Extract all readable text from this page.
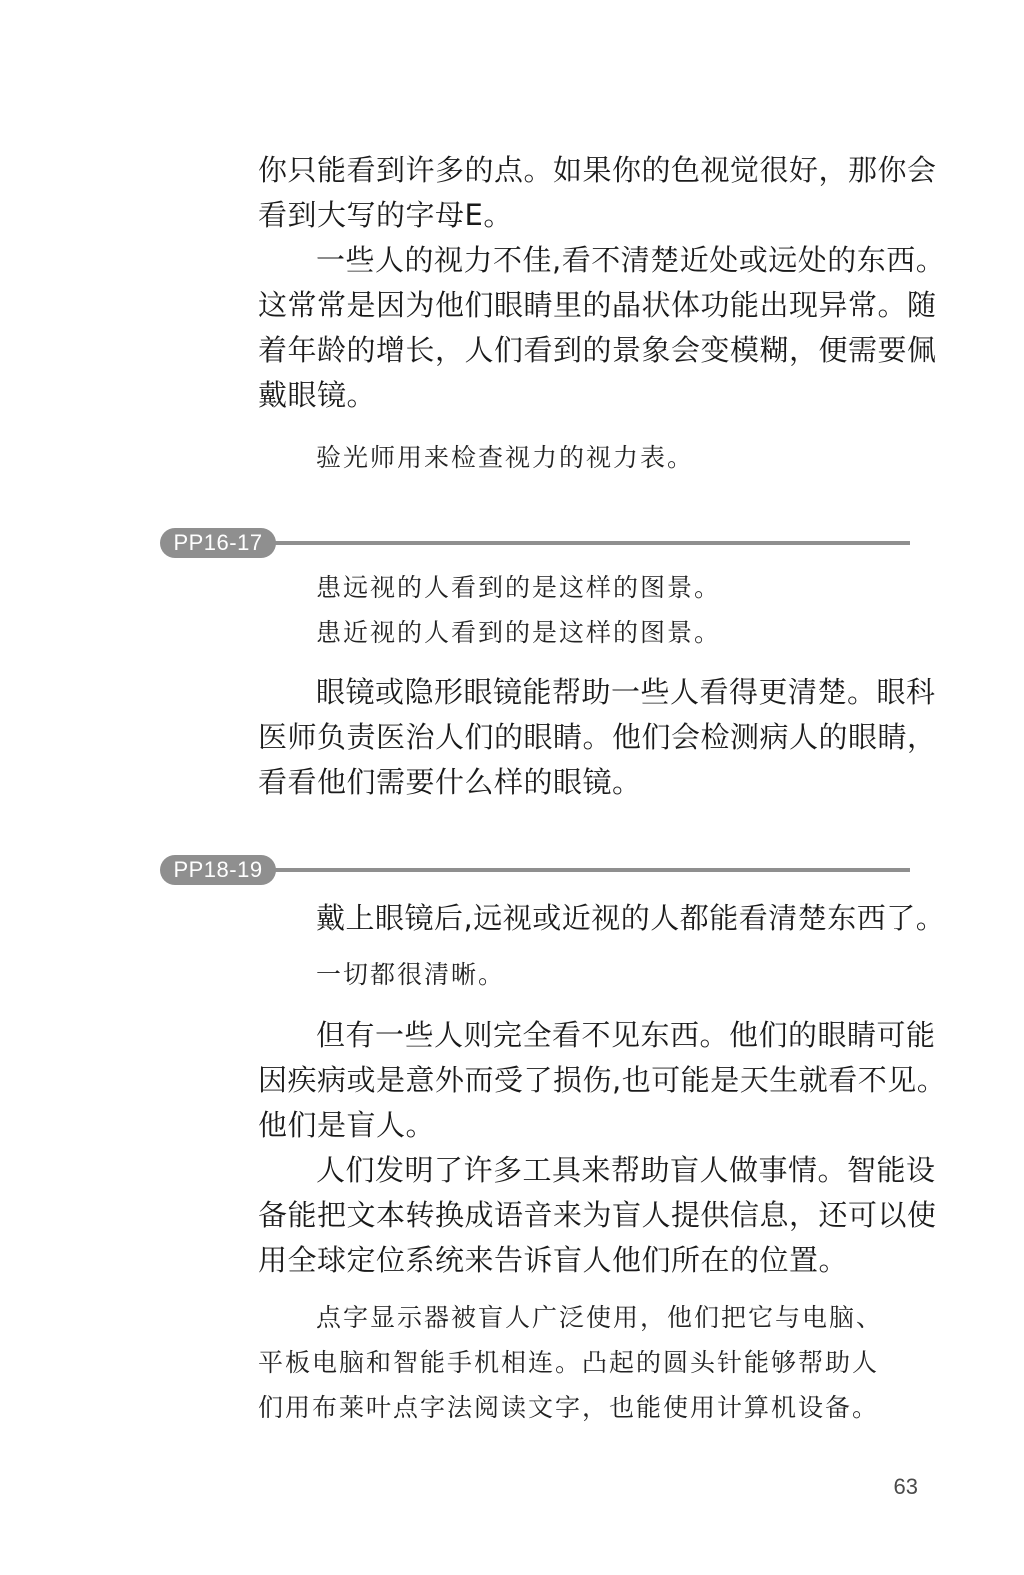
你只能看到许多的点。如果你的色视觉很好，那你会
看到大写的字母E。
一些人的视力不佳,看不清楚近处或远处的东西。
这常常是因为他们眼睛里的晶状体功能出现异常。随
着年龄的增长，人们看到的景象会变模糊，便需要佩
戴眼镜。
验光师用来检查视力的视力表。
PP16-17
患远视的人看到的是这样的图景。
患近视的人看到的是这样的图景。
眼镜或隐形眼镜能帮助一些人看得更清楚。眼科
医师负责医治人们的眼睛。他们会检测病人的眼睛，
看看他们需要什么样的眼镜。
PP18-19
戴上眼镜后,远视或近视的人都能看清楚东西了。
一切都很清晰。
但有一些人则完全看不见东西。他们的眼睛可能
因疾病或是意外而受了损伤,也可能是天生就看不见。
他们是盲人。
人们发明了许多工具来帮助盲人做事情。智能设
备能把文本转换成语音来为盲人提供信息，还可以使
用全球定位系统来告诉盲人他们所在的位置。
点字显示器被盲人广泛使用，他们把它与电脑、
平板电脑和智能手机相连。凸起的圆头针能够帮助人
们用布莱叶点字法阅读文字，也能使用计算机设备。
63
